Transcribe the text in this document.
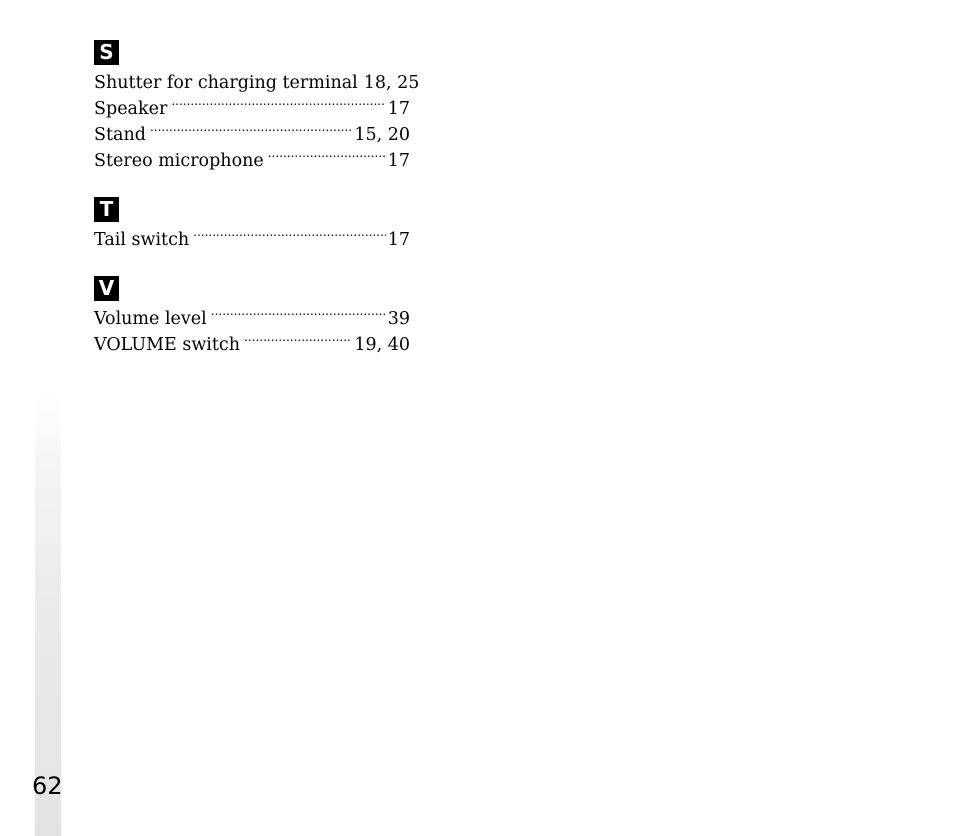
S
Shutter for charging terminal 18, 25
Speaker .....	17
Stand .....	15, 20
Stereo microphone .....	17
T
Tail switch .....	17
V
Volume level .....	39
VOLUME switch .....	19, 40
62
